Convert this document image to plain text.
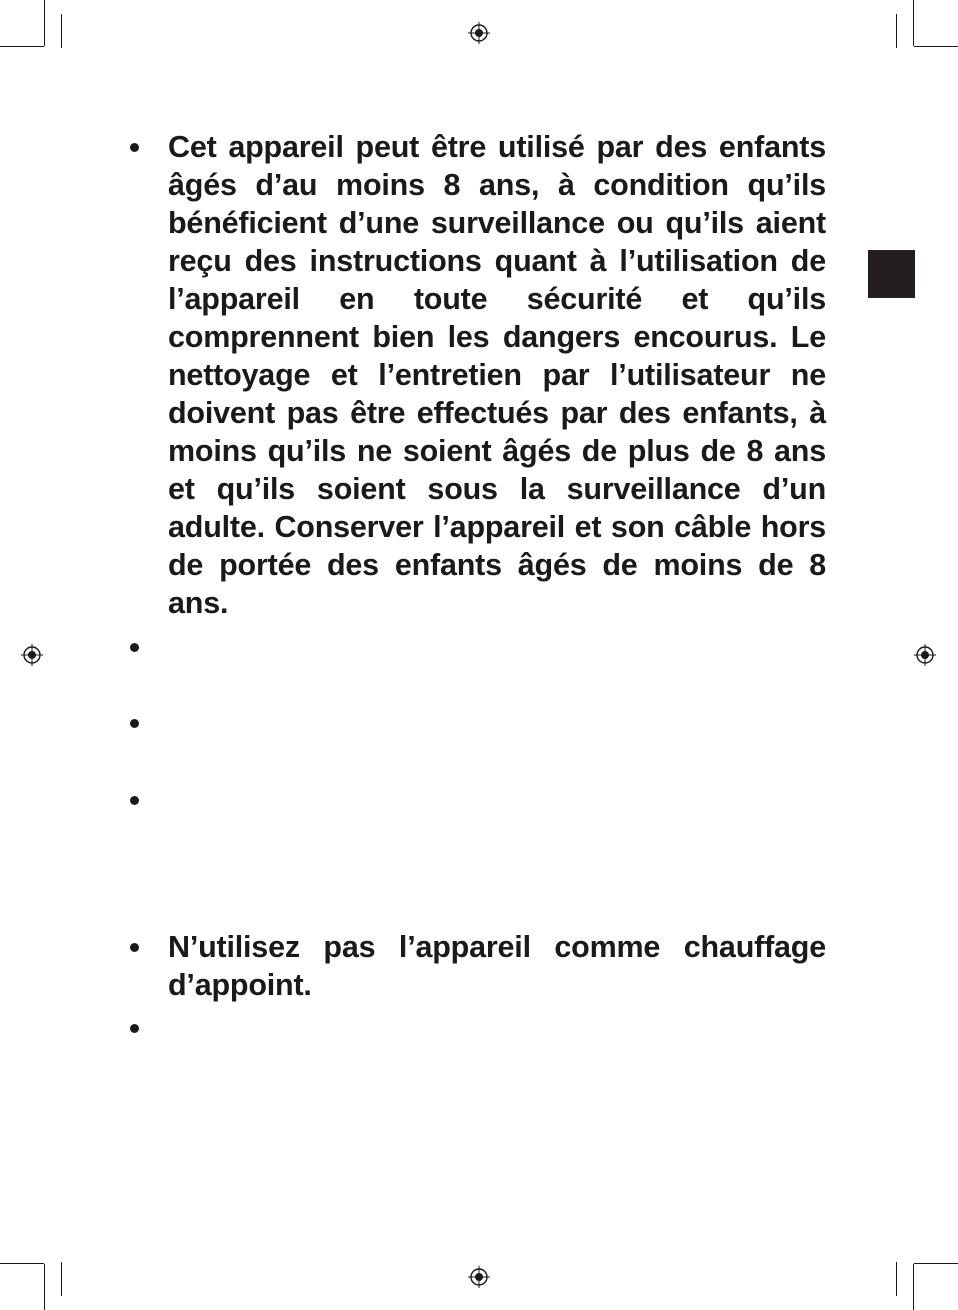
Cet appareil peut être utilisé par des enfants âgés d’au moins 8 ans, à condition qu’ils bénéficient d’une surveillance ou qu’ils aient reçu des instructions quant à l’utilisation de l’appareil en toute sécurité et qu’ils comprennent bien les dangers encourus. Le nettoyage et l’entretien par l’utilisateur ne doivent pas être effectués par des enfants, à moins qu’ils ne soient âgés de plus de 8 ans et qu’ils soient sous la surveillance d’un adulte. Conserver l’appareil et son câble hors de portée des enfants âgés de moins de 8 ans.
N’utilisez pas l’appareil comme chauffage d’appoint.
